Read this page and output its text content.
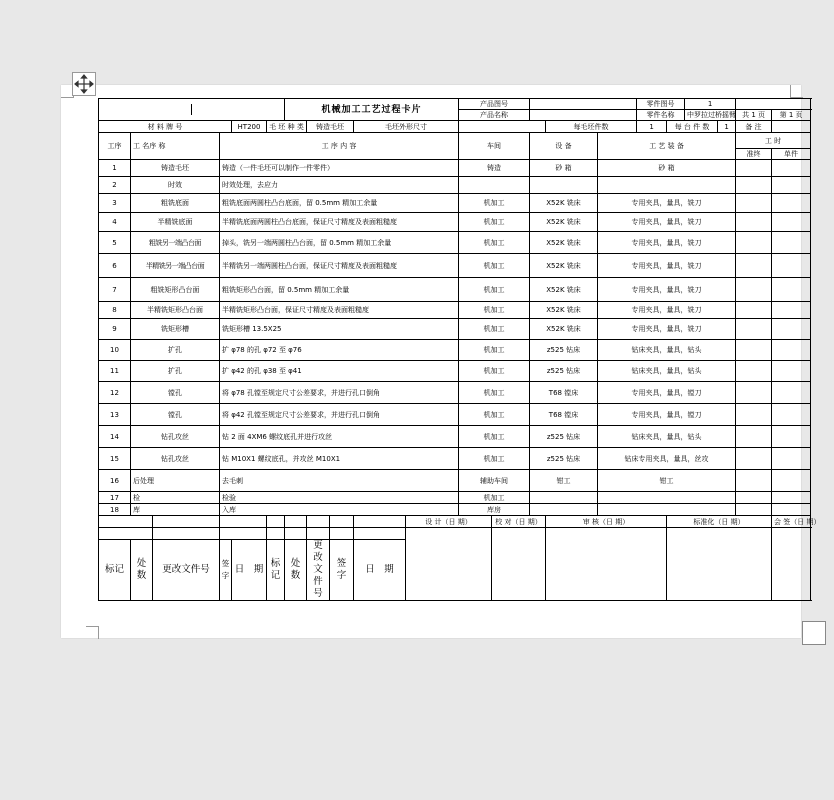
						机械加工工艺过程卡片					产品图号					零件图号		1			
											产品名称					零件名称		中罗拉过桥摇臂		共 1 页	第 1 页
材 料 牌 号				HT200	毛 坯 种 类		铸造毛坯		毛坯外形尺寸					每毛坯件数		1	每 台 件 数		1	备 注	
工序	工 名序 称		工 序 内 容								车间		设 备		工 艺 装 备					工 时	
																				准终	单件
1	铸造毛坯		铸造（一件毛坯可以制作一件零件）								铸造		砂 箱		砂 箱						
2	时效		时效处理，去应力																		
3	粗铣底面		粗铣底面两圆柱凸台底面，留 0.5mm 精加工余量								机加工		X52K 铣床		专用夹具，量具，铣刀						
4	半精铣底面		半精铣底面两圆柱凸台底面，保证尺寸精度及表面粗糙度								机加工		X52K 铣床		专用夹具，量具，铣刀						
5	粗铣另一端凸台面		掉头，铣另一端两圆柱凸台面，留 0.5mm 精加工余量								机加工		X52K 铣床		专用夹具，量具，铣刀						
6	半精铣另一端凸台面		半精铣另一端两圆柱凸台面，保证尺寸精度及表面粗糙度								机加工		X52K 铣床		专用夹具，量具，铣刀						
7	粗铣矩形凸台面		粗铣矩形凸台面，留 0.5mm 精加工余量								机加工		X52K 铣床		专用夹具，量具，铣刀						
8	半精铣矩形凸台面		半精铣矩形凸台面，保证尺寸精度及表面粗糙度								机加工		X52K 铣床		专用夹具，量具，铣刀						
9	铣矩形槽		铣矩形槽 13.5X25								机加工		X52K 铣床		专用夹具，量具，铣刀						
10	扩孔		扩 φ78 的孔 φ72 至 φ76								机加工		z525 钻床		钻床夹具，量具，钻头						
11	扩孔		扩 φ42 的孔 φ38 至 φ41								机加工		z525 钻床		钻床夹具，量具，钻头						
12	镗孔		将 φ78 孔镗至规定尺寸公差要求，并进行孔口倒角								机加工		T68 镗床		专用夹具，量具，镗刀						
13	镗孔		将 φ42 孔镗至规定尺寸公差要求，并进行孔口倒角								机加工		T68 镗床		专用夹具，量具，镗刀						
14	钻孔攻丝		钻 2 面 4XM6 螺纹底孔并进行攻丝								机加工		z525 钻床		钻床夹具，量具，钻头						
15	钻孔攻丝		钻 M10X1 螺纹底孔，并攻丝 M10X1								机加工		z525 钻床		钻床专用夹具，量具，丝攻						
16	后处理		去毛刺								辅助车间		钳工		钳工						
17	检		检验								机加工										
18	库		入库								库房										
										设 计（日 期）		校 对（日 期）		审 核（日 期）			标准化（日 期）				会 签（日 期）

标记	处数	更改文件号	签字	日　期	标记	处数	更改文件号	签　字	日　期												
